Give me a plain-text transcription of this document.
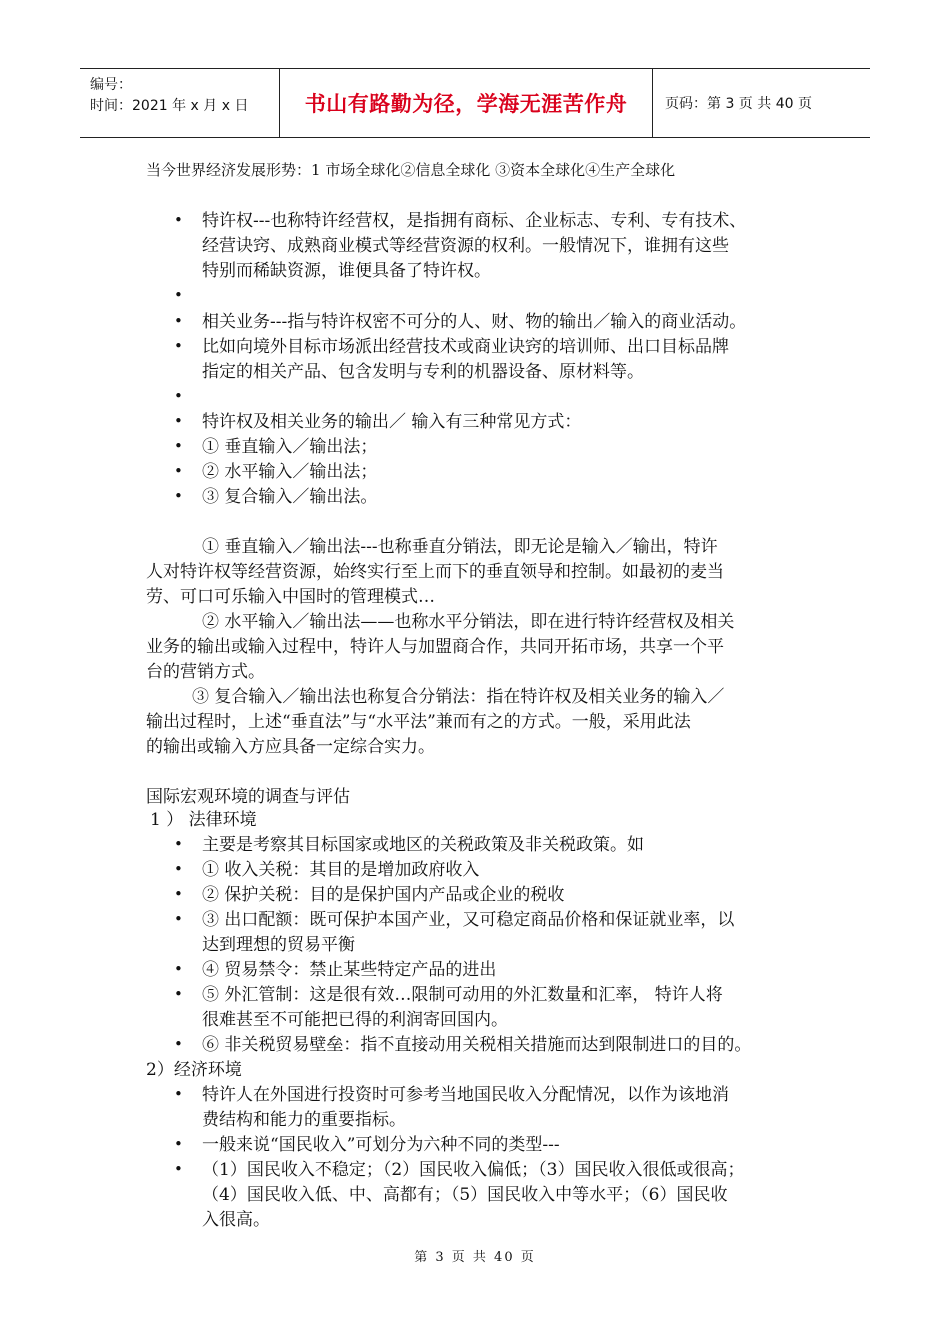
编号：
时间：2021 年 x 月 x 日	书山有路勤为径，学海无涯苦作舟	页码：第 3 页 共 40 页
当今世界经济发展形势：1 市场全球化②信息全球化 ③资本全球化④生产全球化
• 特许权---也称特许经营权，是指拥有商标、企业标志、专利、专有技术、
经营诀窍、成熟商业模式等经营资源的权利。一般情况下，谁拥有这些
特别而稀缺资源，谁便具备了特许权。
•
• 相关业务---指与特许权密不可分的人、财、物的输出／输入的商业活动。
• 比如向境外目标市场派出经营技术或商业诀窍的培训师、出口目标品牌
指定的相关产品、包含发明与专利的机器设备、原材料等。
•
• 特许权及相关业务的输出／ 输入有三种常见方式：
• ① 垂直输入／输出法；
• ② 水平输入／输出法；
• ③ 复合输入／输出法。
① 垂直输入／输出法---也称垂直分销法，即无论是输入／输出，特许
人对特许权等经营资源，始终实行至上而下的垂直领导和控制。如最初的麦当
劳、可口可乐输入中国时的管理模式…
② 水平输入／输出法——也称水平分销法，即在进行特许经营权及相关
业务的输出或输入过程中，特许人与加盟商合作，共同开拓市场，共享一个平
台的营销方式。
③ 复合输入／输出法也称复合分销法：指在特许权及相关业务的输入／
输出过程时，上述“垂直法”与“水平法”兼而有之的方式。一般，采用此法
的输出或输入方应具备一定综合实力。
国际宏观环境的调查与评估
1 ） 法律环境
• 主要是考察其目标国家或地区的关税政策及非关税政策。如
• ① 收入关税：其目的是增加政府收入
• ② 保护关税：目的是保护国内产品或企业的税收
• ③ 出口配额：既可保护本国产业，又可稳定商品价格和保证就业率，以
达到理想的贸易平衡
• ④ 贸易禁令：禁止某些特定产品的进出
• ⑤ 外汇管制：这是很有效…限制可动用的外汇数量和汇率， 特许人将
很难甚至不可能把已得的利润寄回国内。
• ⑥ 非关税贸易壁垒：指不直接动用关税相关措施而达到限制进口的目的。
2）经济环境
• 特许人在外国进行投资时可参考当地国民收入分配情况，以作为该地消
费结构和能力的重要指标。
• 一般来说“国民收入”可划分为六种不同的类型---
• （1）国民收入不稳定；（2）国民收入偏低；（3）国民收入很低或很高；
（4）国民收入低、中、高都有；（5）国民收入中等水平；（6）国民收
入很高。
第 3 页 共 40 页
